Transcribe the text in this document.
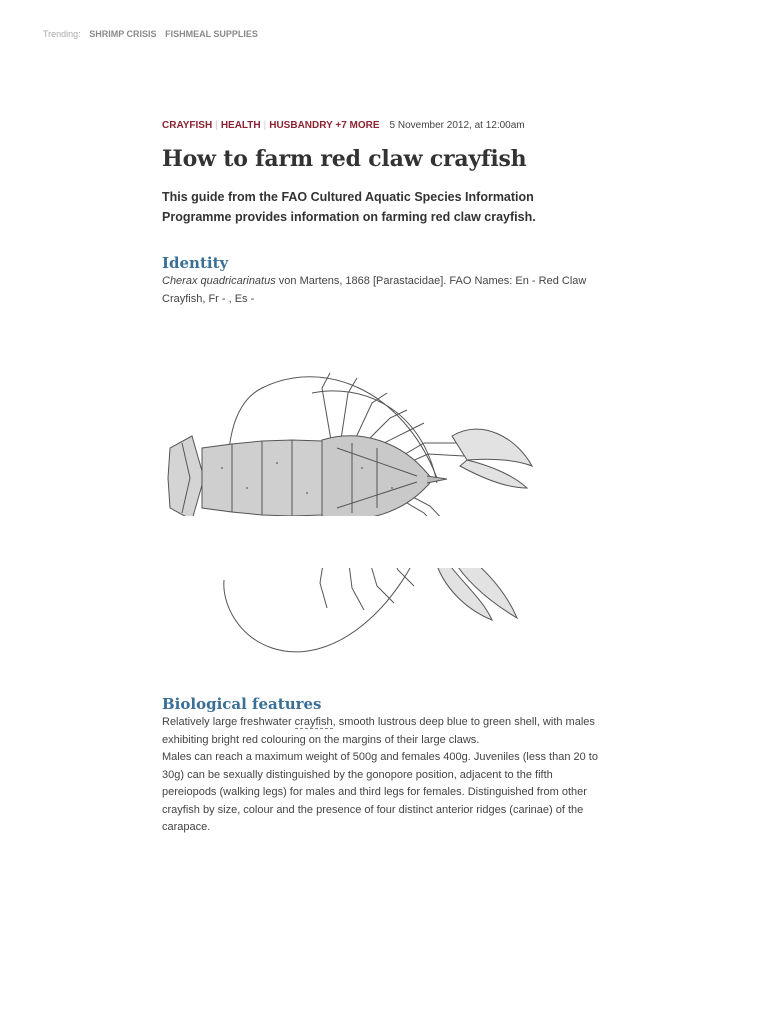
Trending: SHRIMP CRISIS FISHMEAL SUPPLIES
CRAYFISH | HEALTH | HUSBANDRY +7 MORE 5 November 2012, at 12:00am
How to farm red claw crayfish

This guide from the FAO Cultured Aquatic Species Information Programme provides information on farming red claw crayfish.

Identity

Cherax quadricarinatus von Martens, 1868 [Parastacidae]. FAO Names: En - Red Claw Crayfish, Fr - , Es -

Biological features

Relatively large freshwater crayfish, smooth lustrous deep blue to green shell, with males exhibiting bright red colouring on the margins of their large claws.

Males can reach a maximum weight of 500g and females 400g. Juveniles (less than 20 to 30g) can be sexually distinguished by the gonopore position, adjacent to the fifth pereiopods (walking legs) for males and third legs for females. Distinguished from other crayfish by size, colour and the presence of four distinct anterior ridges (carinae) of the carapace.
